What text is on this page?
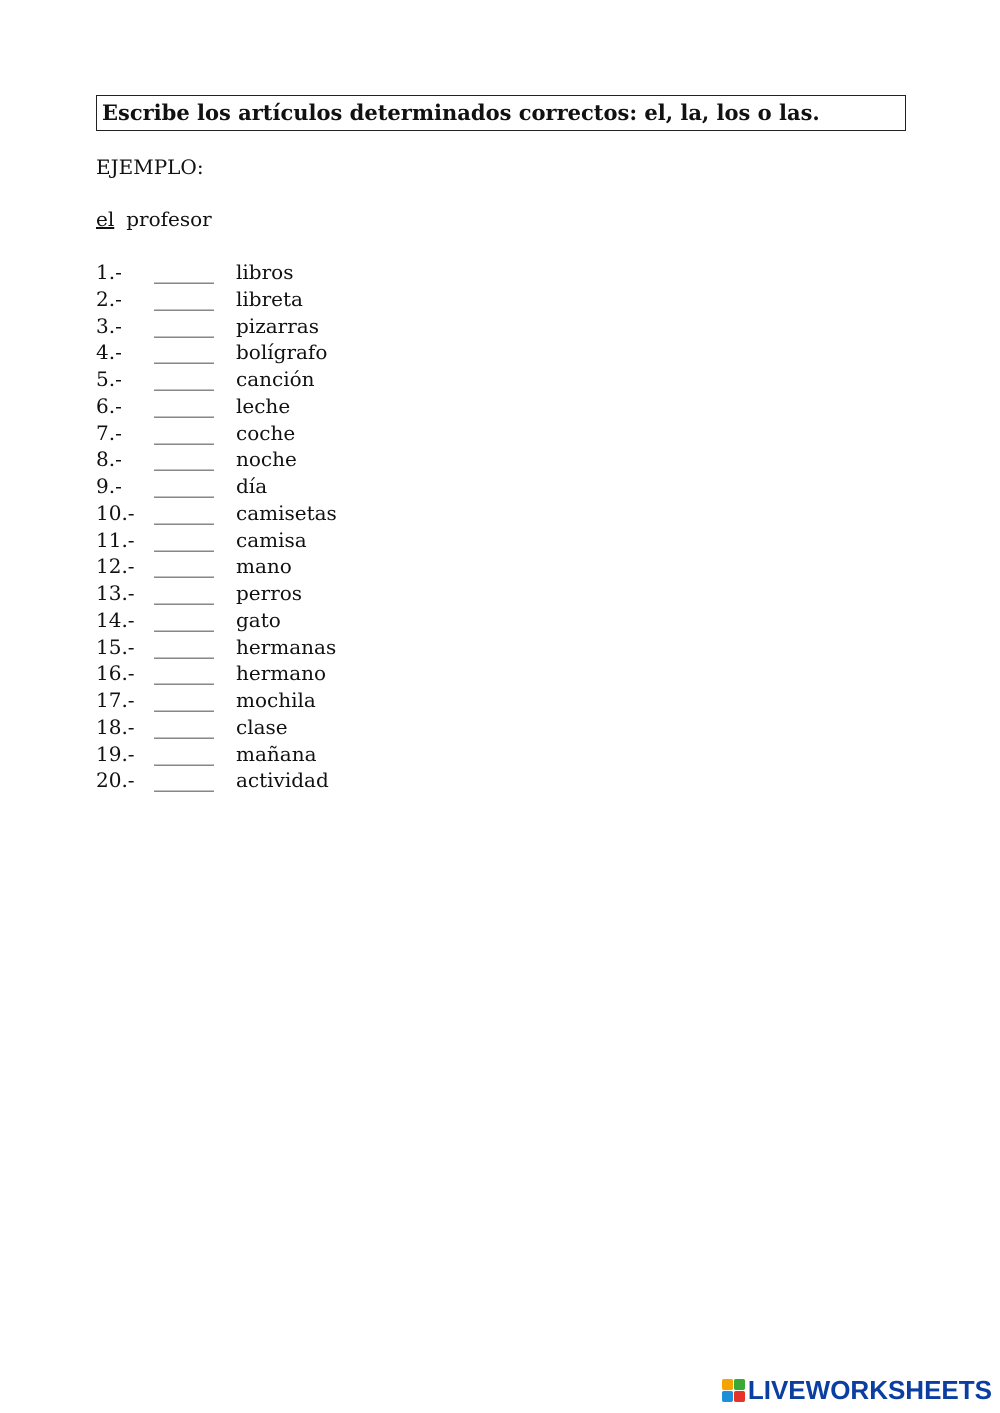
Escribe los artículos determinados correctos: el, la, los o las.
EJEMPLO:
el profesor
1.-	______	libros
2.-	______	libreta
3.-	______	pizarras
4.-	______	bolígrafo
5.-	______	canción
6.-	______	leche
7.-	______	coche
8.-	______	noche
9.-	______	día
10.- ______	camisetas
11.- ______	camisa
12.- ______	mano
13.- ______	perros
14.- ______	gato
15.- ______	hermanas
16.- ______	hermano
17.- ______	mochila
18.- ______	clase
19.- ______	mañana
20.- ______	actividad
LIVEWORKSHEETS
